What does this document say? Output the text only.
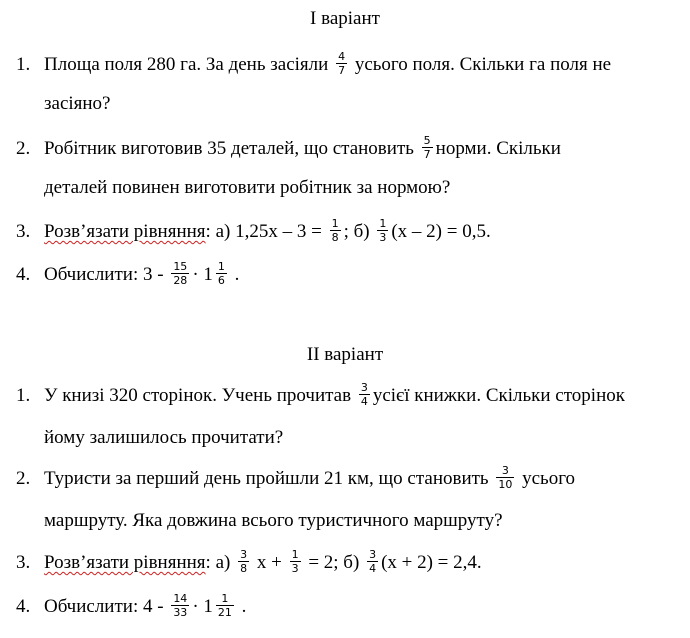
І варіант
1. Площа поля 280 га. За день засіяли $\frac{4}{7}$ усього поля. Скільки га поля не
засіяно?
2. Робітник виготовив 35 деталей, що становить $\frac{5}{7}$ норми. Скільки
деталей повинен виготовити робітник за нормою?
3. Розв’язати рівняння: а) $1,25х - 3 = \frac{1}{8}$ ; $б) \frac{1}{3} (х - 2) = 0,5$.
4. Обчислити: $3 - \frac{15}{28} \cdot 1 \frac{1}{6}$ .
ІІ варіант
1. У книзі 320 сторінок. Учень прочитав $\frac{3}{4}$ усієї книжки. Скільки сторінок
йому залишилось прочитати?
2. Туристи за перший день пройшли 21 км, що становить $\frac{3}{10}$ усього
маршруту. Яка довжина всього туристичного маршруту?
3. Розв’язати рівняння: $а) \frac{3}{8}$ $х + \frac{1}{3} = 2$; $б) \frac{3}{4} (х + 2) = 2,4$.
4. Обчислити: $4 - \frac{14}{33} \cdot 1 \frac{1}{21}$ .
